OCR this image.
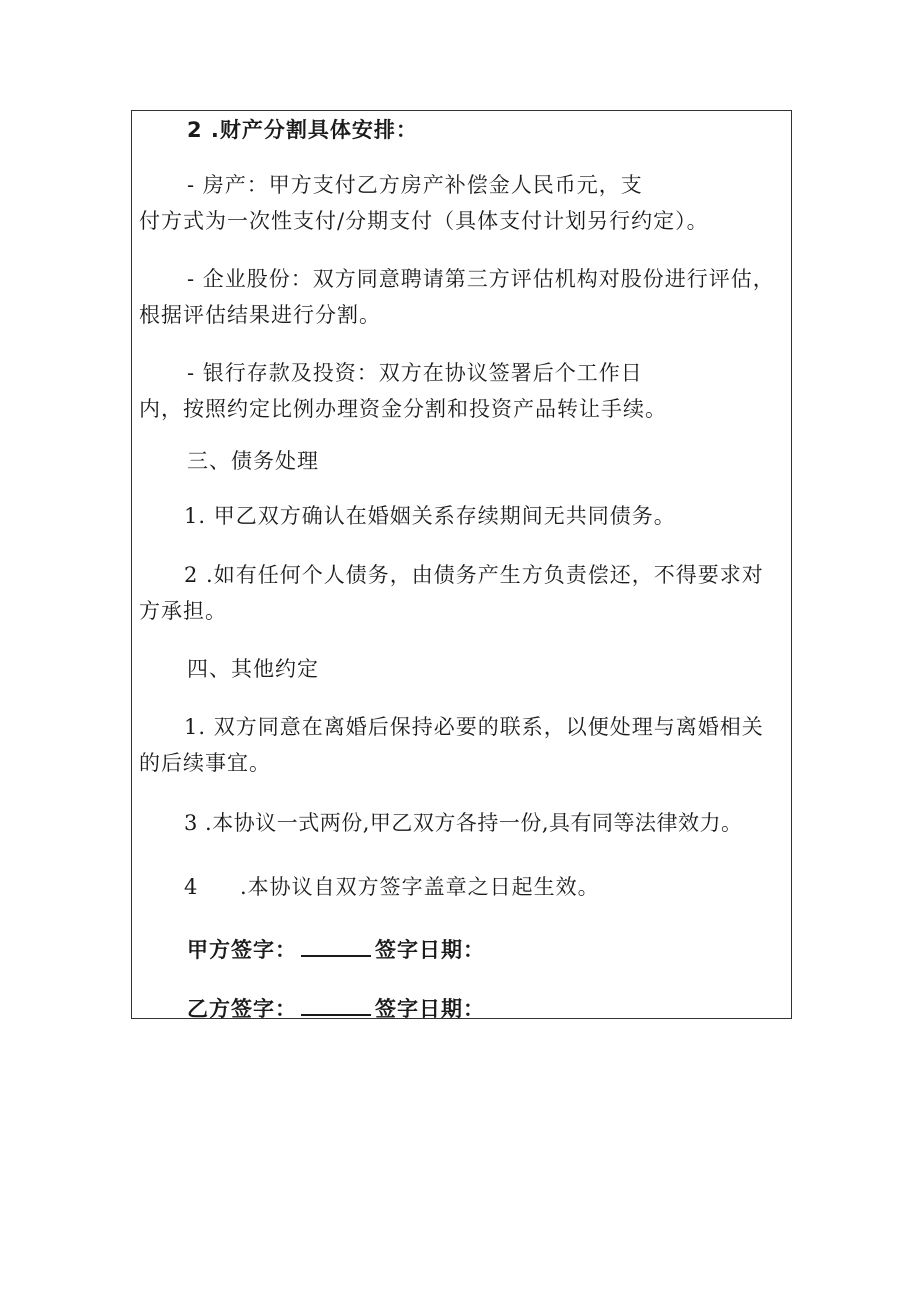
2 .财产分割具体安排：
- 房产：甲方支付乙方房产补偿金人民币元，支
付方式为一次性支付/分期支付（具体支付计划另行约定）。
- 企业股份：双方同意聘请第三方评估机构对股份进行评估，
根据评估结果进行分割。
- 银行存款及投资：双方在协议签署后个工作日
内，按照约定比例办理资金分割和投资产品转让手续。
三、债务处理
1. 甲乙双方确认在婚姻关系存续期间无共同债务。
2 .如有任何个人债务，由债务产生方负责偿还，不得要求对
方承担。
四、其他约定
1. 双方同意在离婚后保持必要的联系，以便处理与离婚相关
的后续事宜。
3 .本协议一式两份,甲乙双方各持一份,具有同等法律效力。
4 .本协议自双方签字盖章之日起生效。
甲方签字：	签字日期：
乙方签字：	签字日期：
